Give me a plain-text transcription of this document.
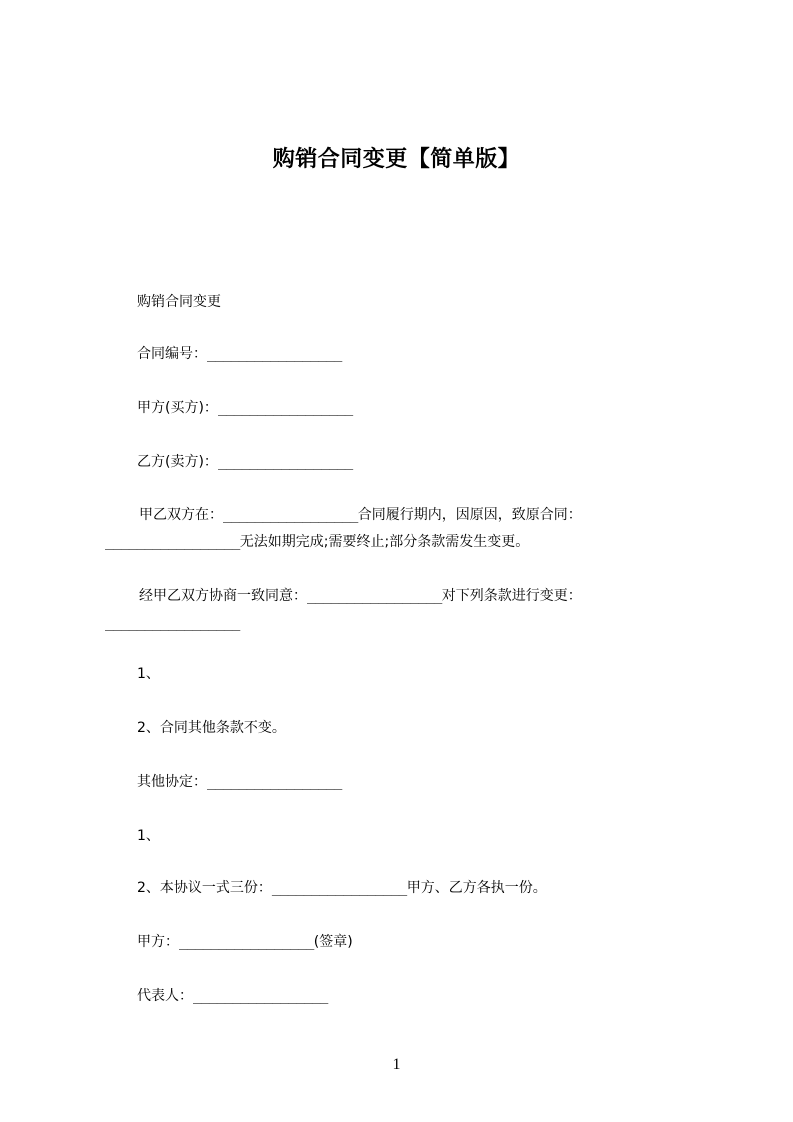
购销合同变更【简单版】
购销合同变更
合同编号：_________________
甲方(买方)：_________________
乙方(卖方)：_________________
甲乙双方在：_________________合同履行期内，因原因，致原合同：_________________无法如期完成;需要终止;部分条款需发生变更。
经甲乙双方协商一致同意：_________________对下列条款进行变更：_________________
1、
2、合同其他条款不变。
其他协定：_________________
1、
2、本协议一式三份：_________________甲方、乙方各执一份。
甲方：_________________(签章)
代表人：_________________
1
